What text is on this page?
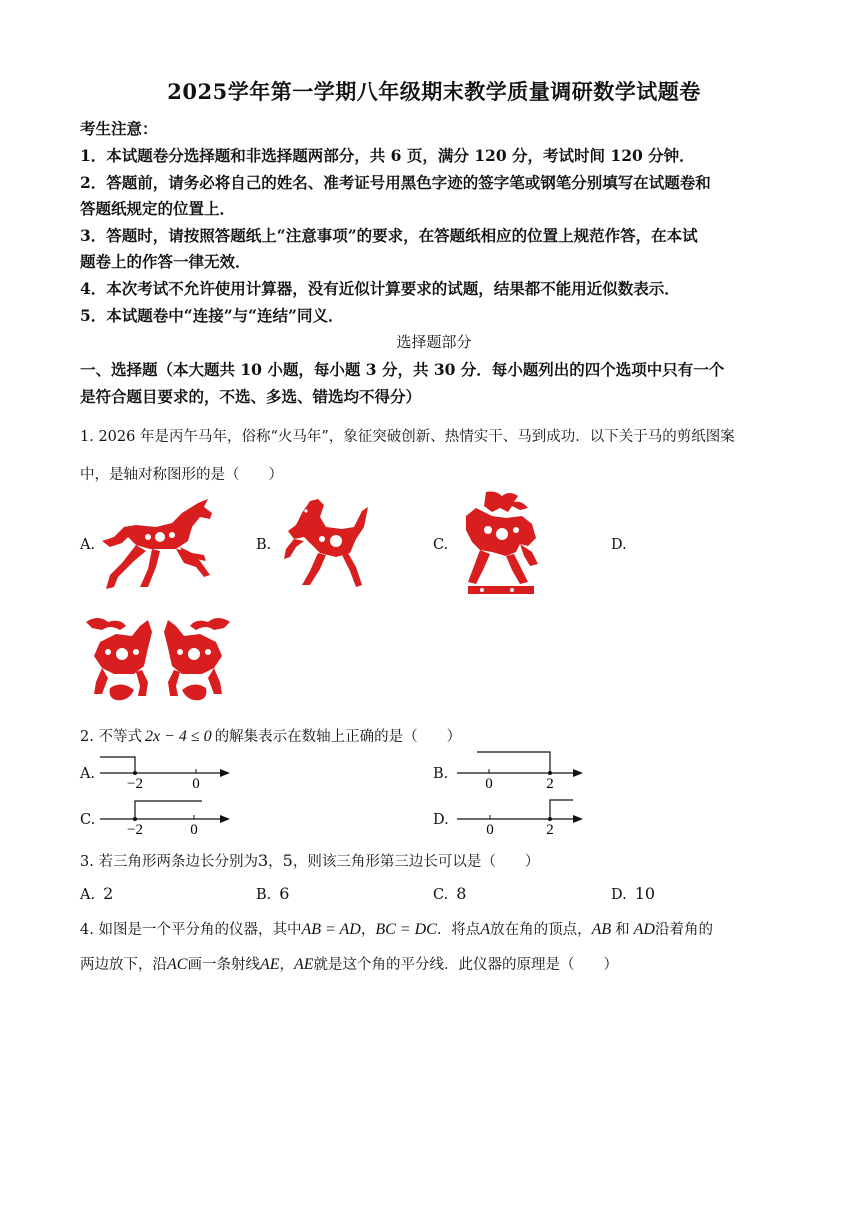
2025学年第一学期八年级期末教学质量调研数学试题卷
考生注意：
1．本试题卷分选择题和非选择题两部分，共 6 页，满分 120 分，考试时间 120 分钟．
2．答题前，请务必将自己的姓名、准考证号用黑色字迹的签字笔或钢笔分别填写在试题卷和
答题纸规定的位置上．
3．答题时，请按照答题纸上“注意事项”的要求，在答题纸相应的位置上规范作答，在本试
题卷上的作答一律无效．
4．本次考试不允许使用计算器，没有近似计算要求的试题，结果都不能用近似数表示．
5．本试题卷中“连接”与“连结”同义．
选择题部分
一、选择题（本大题共 10 小题，每小题 3 分，共 30 分．每小题列出的四个选项中只有一个
是符合题目要求的，不选、多选、错选均不得分）
1. 2026 年是丙午马年，俗称“火马年”，象征突破创新、热情实干、马到成功．以下关于马的剪纸图案
中，是轴对称图形的是（　　）
A.	B.	C.	D.
2. 不等式 2x − 4 ≤ 0 的解集表示在数轴上正确的是（　　）
A.
−2	0
B.
0	2
C.
−2	0
D.
0	2
3. 若三角形两条边长分别为3，5，则该三角形第三边长可以是（　　）
A. 2	B. 6	C. 8	D. 10
4. 如图是一个平分角的仪器，其中AB = AD，BC = DC．将点A放在角的顶点，AB 和 AD沿着角的
两边放下，沿AC画一条射线AE，AE就是这个角的平分线．此仪器的原理是（　　）
